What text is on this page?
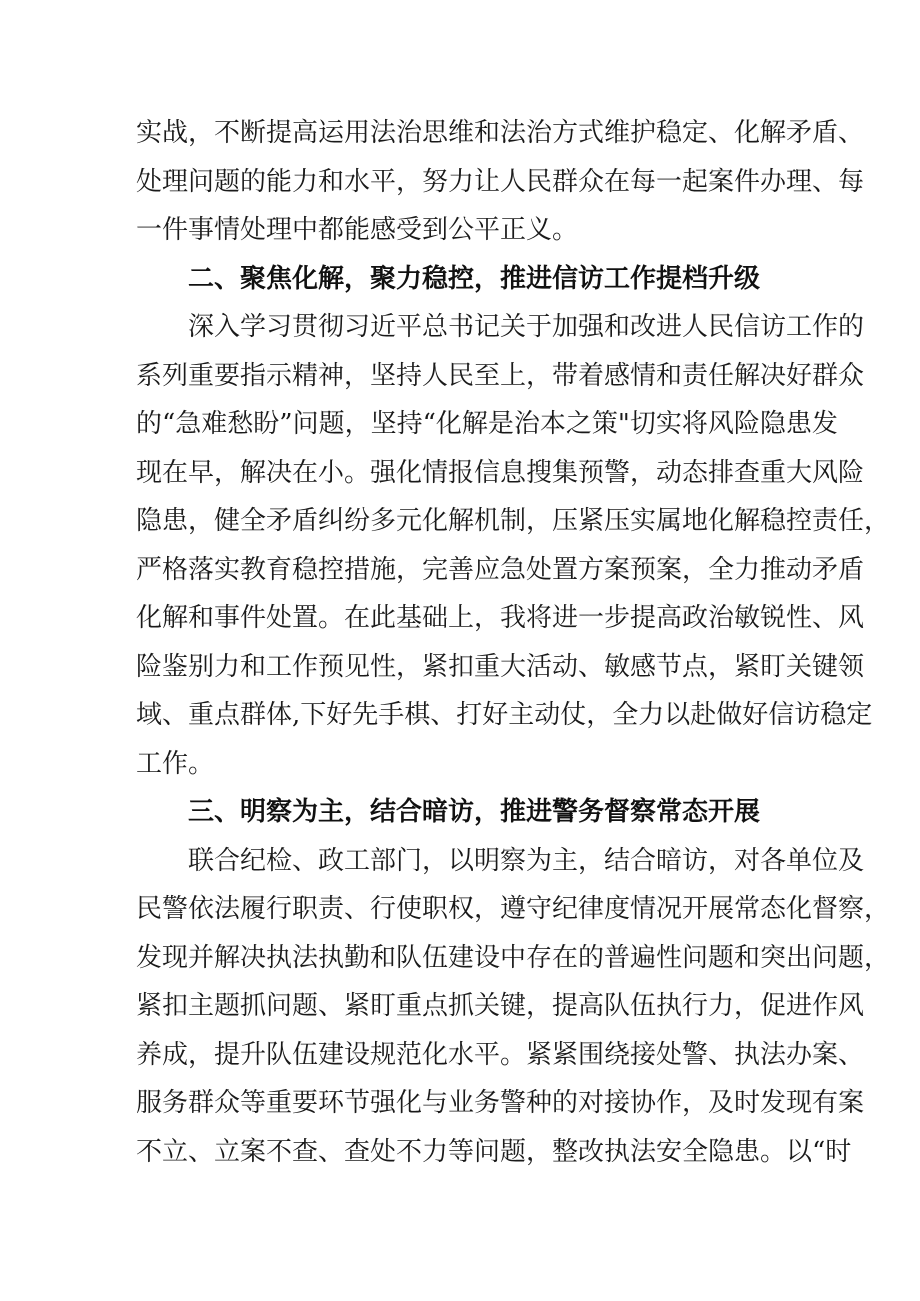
实战，不断提高运用法治思维和法治方式维护稳定、化解矛盾、

处理问题的能力和水平，努力让人民群众在每一起案件办理、每

一件事情处理中都能感受到公平正义。

二、聚焦化解，聚力稳控，推进信访工作提档升级

深入学习贯彻习近平总书记关于加强和改进人民信访工作的

系列重要指示精神，坚持人民至上，带着感情和责任解决好群众

的“急难愁盼”问题，坚持“化解是治本之策"切实将风险隐患发

现在早，解决在小。强化情报信息搜集预警，动态排查重大风险

隐患，健全矛盾纠纷多元化解机制，压紧压实属地化解稳控责任，

严格落实教育稳控措施，完善应急处置方案预案，全力推动矛盾

化解和事件处置。在此基础上，我将进一步提高政治敏锐性、风

险鉴别力和工作预见性，紧扣重大活动、敏感节点，紧盯关键领

域、重点群体,下好先手棋、打好主动仗，全力以赴做好信访稳定

工作。

三、明察为主，结合暗访，推进警务督察常态开展

联合纪检、政工部门，以明察为主，结合暗访，对各单位及

民警依法履行职责、行使职权，遵守纪律度情况开展常态化督察，

发现并解决执法执勤和队伍建设中存在的普遍性问题和突出问题，

紧扣主题抓问题、紧盯重点抓关键，提高队伍执行力，促进作风

养成，提升队伍建设规范化水平。紧紧围绕接处警、执法办案、

服务群众等重要环节强化与业务警种的对接协作，及时发现有案

不立、立案不查、查处不力等问题，整改执法安全隐患。以“时
